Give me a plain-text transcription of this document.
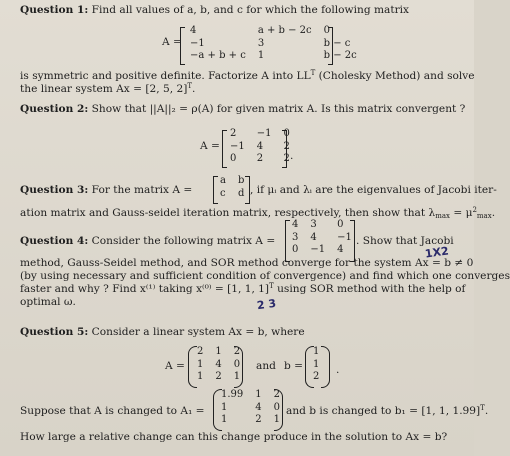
Question 1: Find all values of a, b, and c for which the following matrix
A =
4	a + b − 2c	0
−1	3	b − c
−a + b + c	1	b − 2c
is symmetric and positive definite. Factorize A into $LL^T$ (Cholesky Method) and solve
the linear system Ax = [2, 5, 2]$^T$.
Question 2: Show that ||A||₂ = ρ(A) for given matrix A. Is this matrix convergent ?
A =
2	−1	0
−1	4	2
0	2	2 .
Question 3: For the matrix A =
a	b
c	d , if μᵢ and λᵢ are the eigenvalues of Jacobi iter-
ation matrix and Gauss-seidel iteration matrix, respectively, then show that $\lambda_{max} = \mu^2_{max}$.
Question 4: Consider the following matrix A =
4	3	0
3	4	−1
0	−1	4
. Show that Jacobi
1X2
method, Gauss-Seidel method, and SOR method converge for the system Ax = b ≠ 0
(by using necessary and sufficient condition of convergence) and find which one converges
faster and why ? Find x⁽¹⁾ taking x⁽⁰⁾ = [1, 1, 1]$^T$ using SOR method with the help of
optimal ω.	2 3
Question 5: Consider a linear system Ax = b, where
A =
2	1	2
1	4	0
1	2	1
and b =
1
1
2
.
Suppose that A is changed to A₁ =
1.99	1	2
1	4	0
1	2	1
and b is changed to b₁ = [1, 1, 1.99]$^T$.
How large a relative change can this change produce in the solution to Ax = b?
